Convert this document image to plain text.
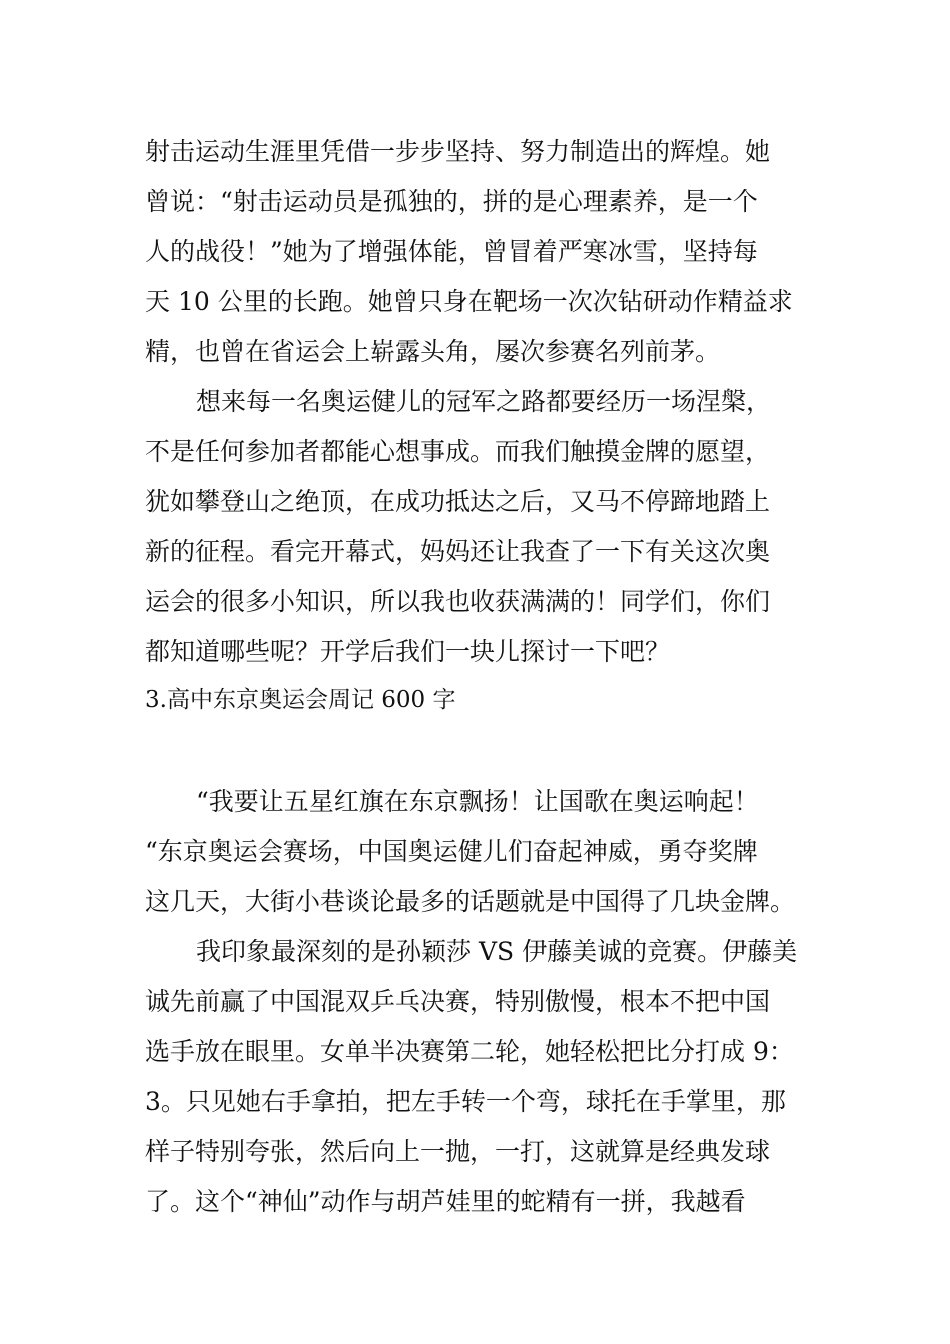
射击运动生涯里凭借一步步坚持、努力制造出的辉煌。她
曾说：“射击运动员是孤独的，拼的是心理素养，是一个
人的战役！”她为了增强体能，曾冒着严寒冰雪，坚持每
天 10 公里的长跑。她曾只身在靶场一次次钻研动作精益求
精，也曾在省运会上崭露头角，屡次参赛名列前茅。
想来每一名奥运健儿的冠军之路都要经历一场涅槃，
不是任何参加者都能心想事成。而我们触摸金牌的愿望，
犹如攀登山之绝顶，在成功抵达之后，又马不停蹄地踏上
新的征程。看完开幕式，妈妈还让我查了一下有关这次奥
运会的很多小知识，所以我也收获满满的！同学们，你们
都知道哪些呢？开学后我们一块儿探讨一下吧？
3.高中东京奥运会周记 600 字
“我要让五星红旗在东京飘扬！让国歌在奥运响起！
“东京奥运会赛场，中国奥运健儿们奋起神威，勇夺奖牌
这几天，大街小巷谈论最多的话题就是中国得了几块金牌。
我印象最深刻的是孙颖莎 VS 伊藤美诚的竞赛。伊藤美
诚先前赢了中国混双乒乓决赛，特别傲慢，根本不把中国
选手放在眼里。女单半决赛第二轮，她轻松把比分打成 9：
3。只见她右手拿拍，把左手转一个弯，球托在手掌里，那
样子特别夸张，然后向上一抛，一打，这就算是经典发球
了。这个“神仙”动作与胡芦娃里的蛇精有一拼，我越看
